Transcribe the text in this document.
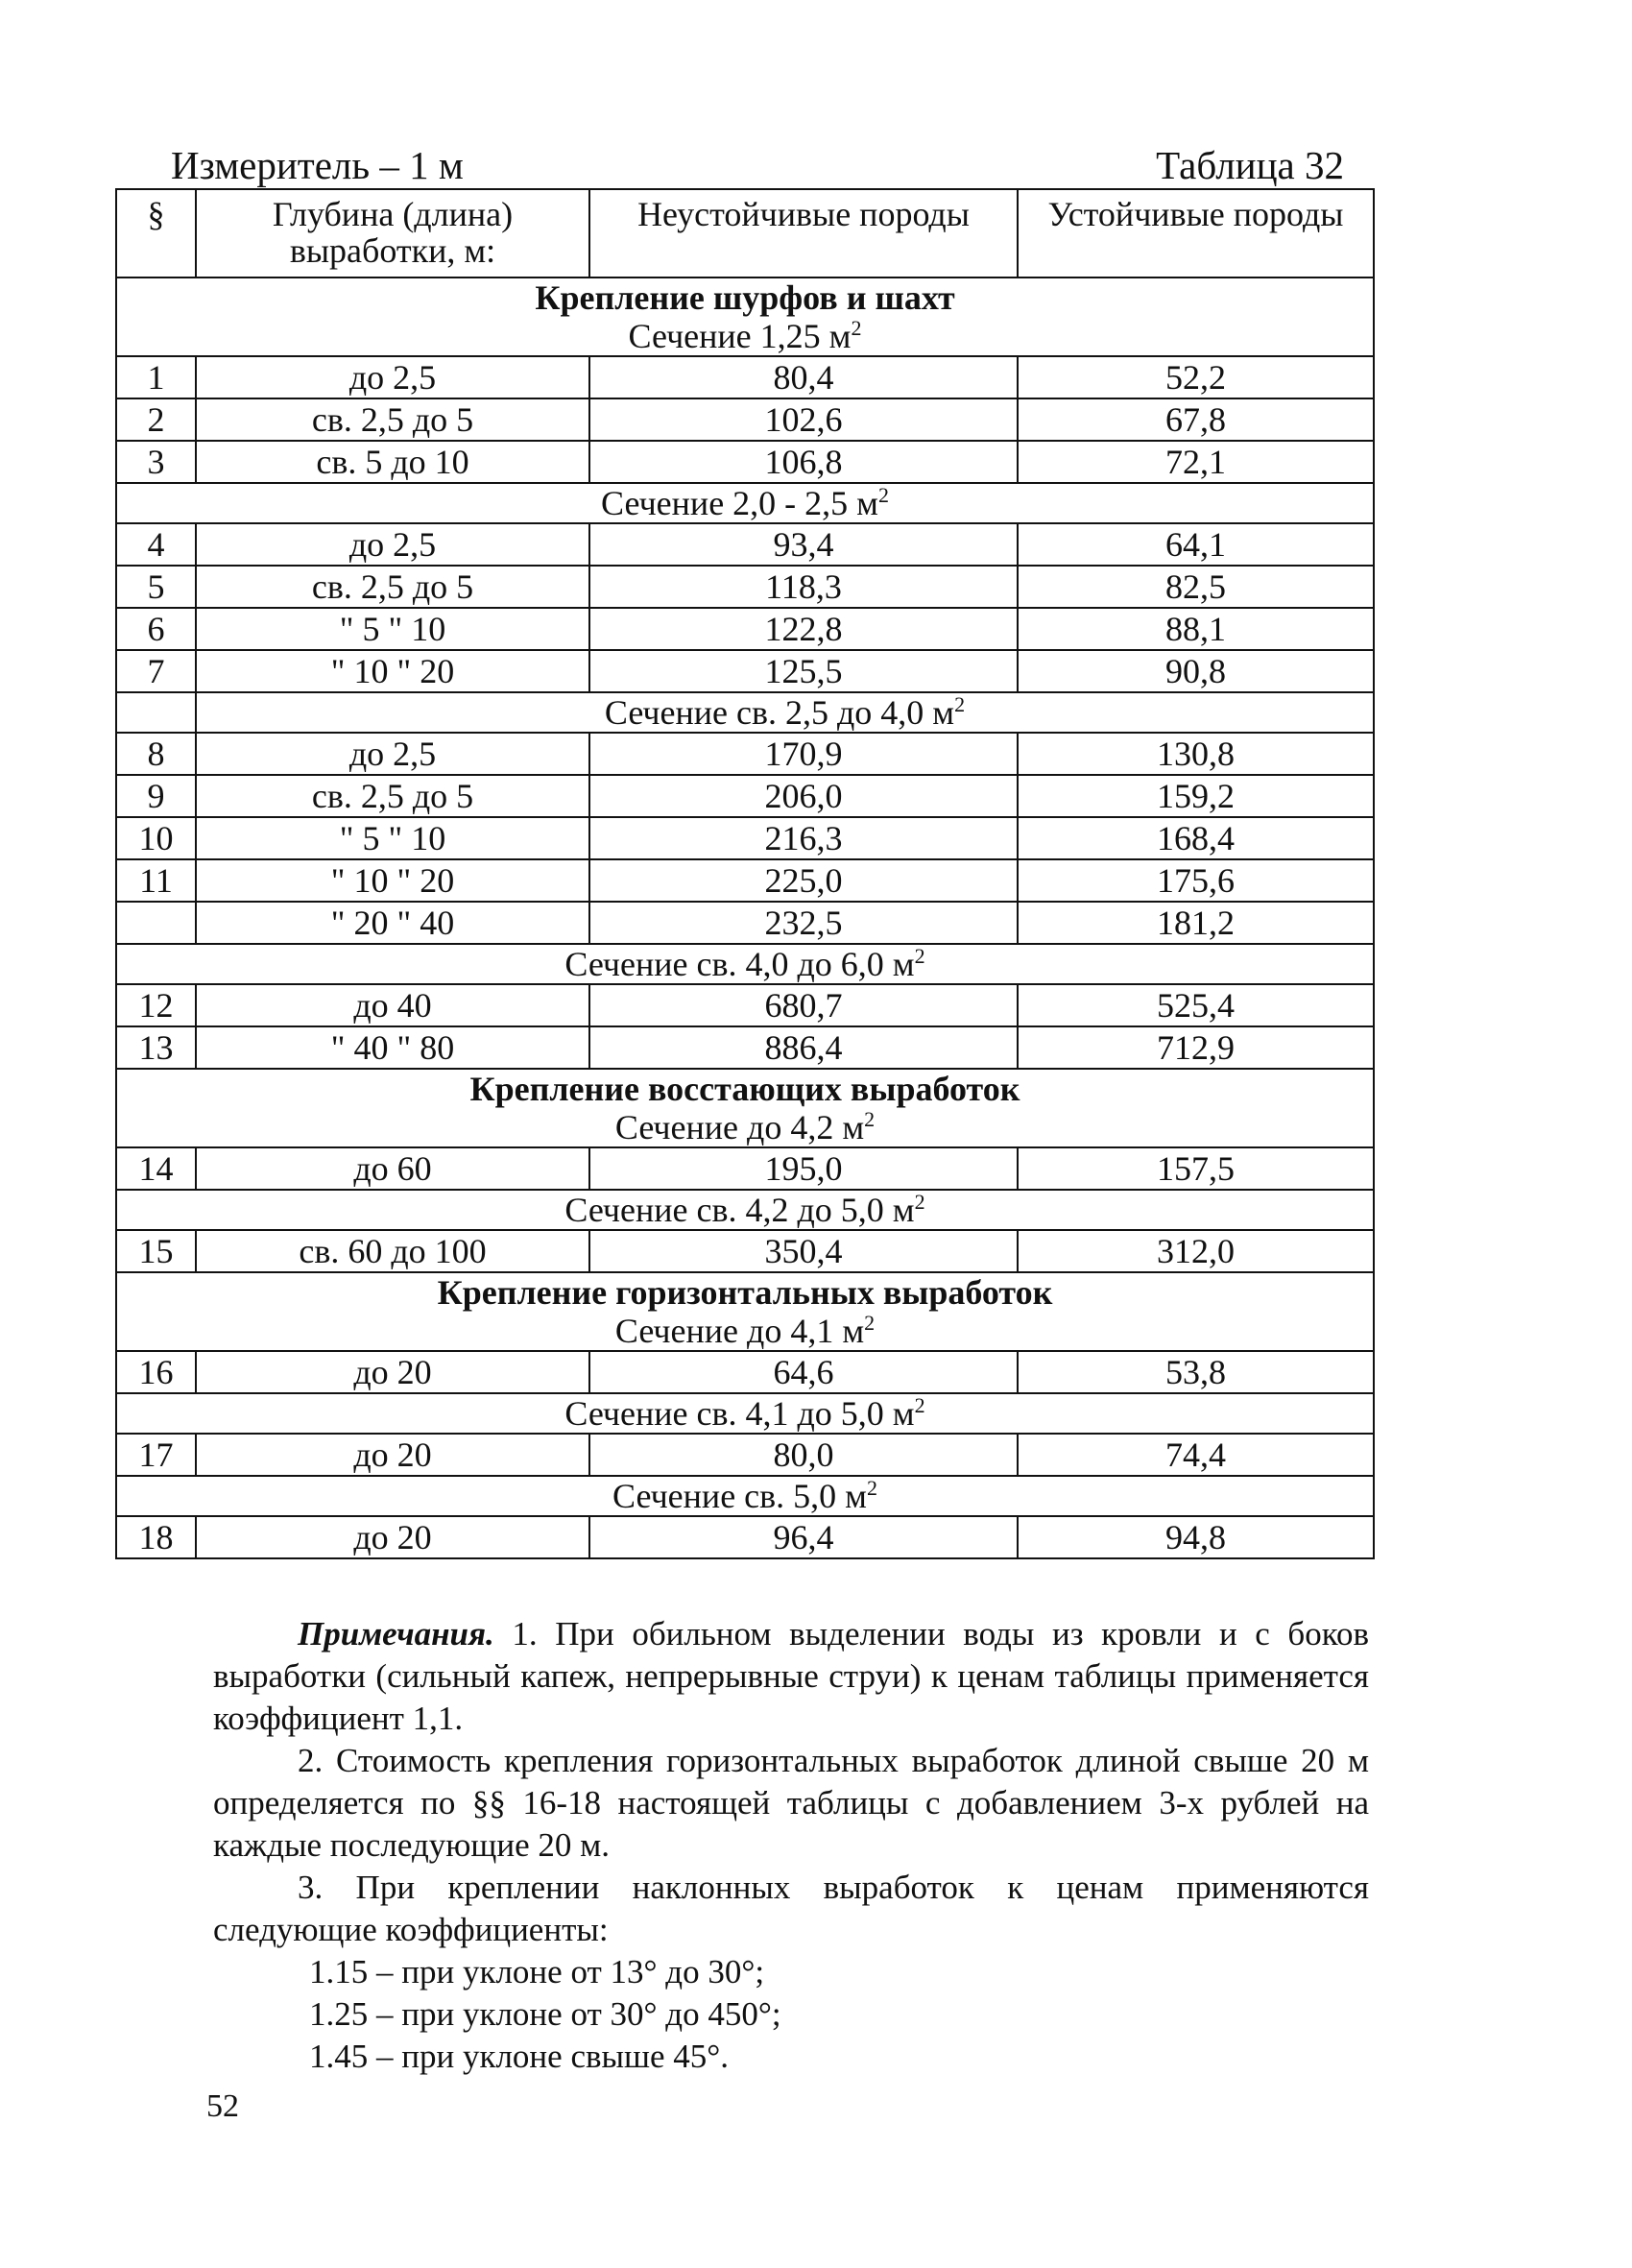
Измеритель – 1 м	Таблица 32
§	Глубина (длина) выработки, м:	Неустойчивые породы	Устойчивые породы

Крепление шурфов и шахт
Сечение 1,25 $м^2$

1	до 2,5	80,4	52,2
2	св. 2,5 до 5	102,6	67,8
3	св. 5 до 10	106,8	72,1
Сечение 2,0 - 2,5 $м^2$
4	до 2,5	93,4	64,1
5	св. 2,5 до 5	118,3	82,5
6	" 5 " 10	122,8	88,1
7	" 10 " 20	125,5	90,8
	Сечение св. 2,5 до 4,0 $м^2$
8	до 2,5	170,9	130,8
9	св. 2,5 до 5	206,0	159,2
10	" 5 " 10	216,3	168,4
11	" 10 " 20	225,0	175,6
	" 20 " 40	232,5	181,2
Сечение св. 4,0 до 6,0 $м^2$
12	до 40	680,7	525,4
13	" 40 " 80	886,4	712,9

Крепление восстающих выработок
Сечение до 4,2 $м^2$

14	до 60	195,0	157,5
Сечение св. 4,2 до 5,0 $м^2$
15	св. 60 до 100	350,4	312,0

Крепление горизонтальных выработок
Сечение до 4,1 $м^2$

16	до 20	64,6	53,8
Сечение св. 4,1 до 5,0 $м^2$
17	до 20	80,0	74,4
Сечение св. 5,0 $м^2$
18	до 20	96,4	94,8

Примечания. 1. При обильном выделении воды из кровли и с боков выработки (сильный капеж, непрерывные струи) к ценам таблицы применяется коэффициент 1,1.

2. Стоимость крепления горизонтальных выработок длиной свыше 20 м определяется по §§ 16-18 настоящей таблицы с добавлением 3-х рублей на каждые последующие 20 м.

3. При креплении наклонных выработок к ценам применяются следующие коэффициенты:

1.15 – при уклоне от 13° до 30°;

1.25 – при уклоне от 30° до 450°;

1.45 – при уклоне свыше 45°.

52
